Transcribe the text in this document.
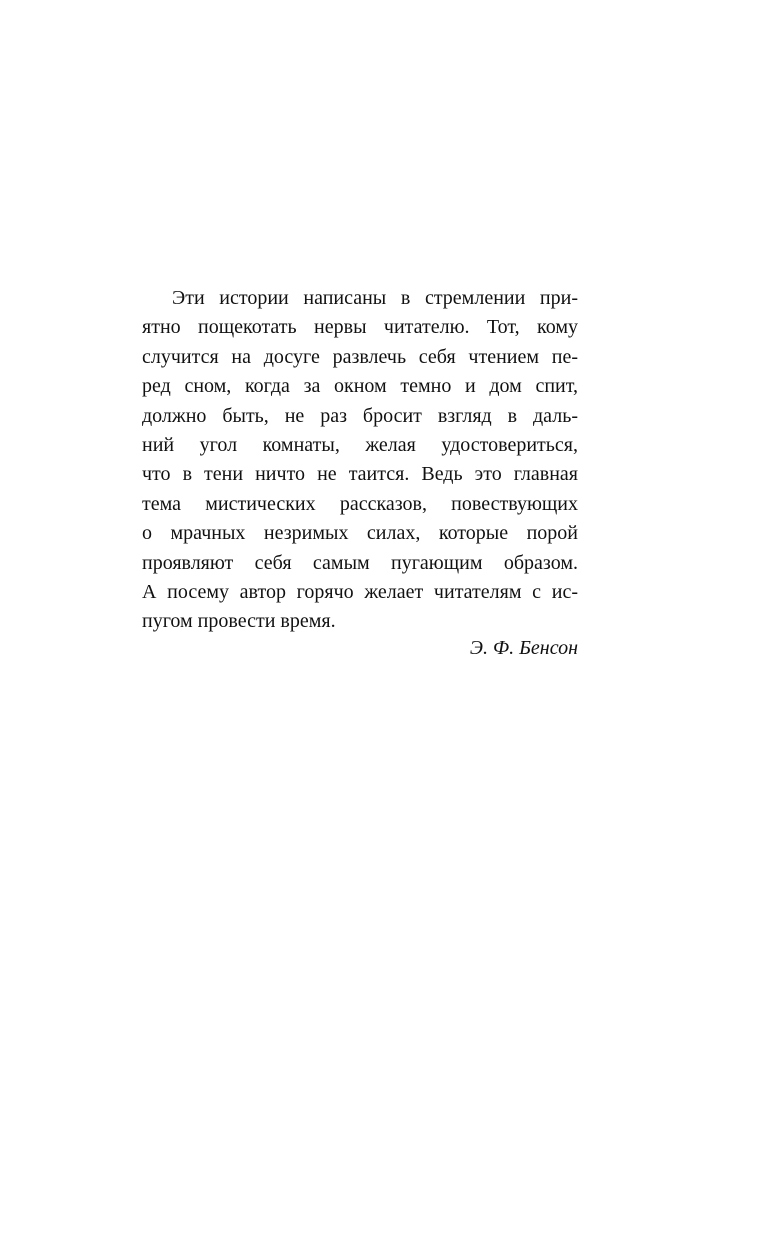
Эти истории написаны в стремлении при-
ятно пощекотать нервы читателю. Тот, кому
случится на досуге развлечь себя чтением пе-
ред сном, когда за окном темно и дом спит,
должно быть, не раз бросит взгляд в даль-
ний угол комнаты, желая удостовериться,
что в тени ничто не таится. Ведь это главная
тема мистических рассказов, повествующих
о мрачных незримых силах, которые порой
проявляют себя самым пугающим образом.
А посему автор горячо желает читателям с ис-
пугом провести время.
Э. Ф. Бенсон
